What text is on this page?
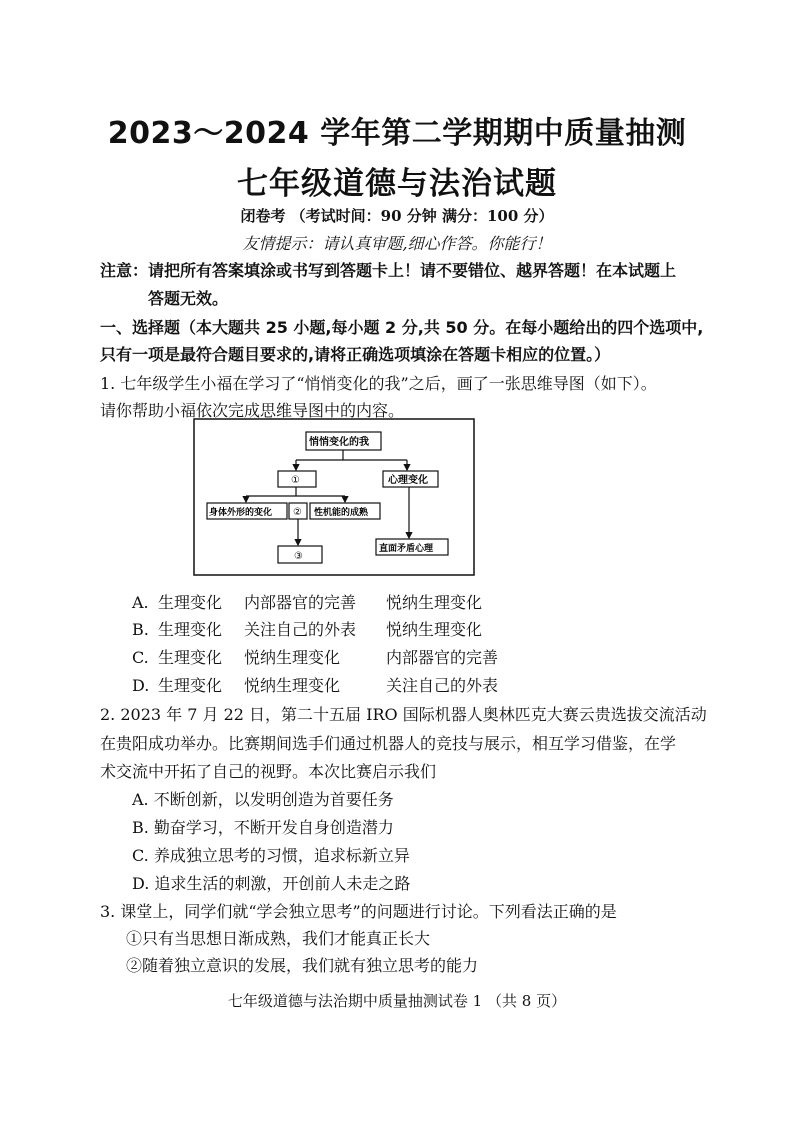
2023～2024 学年第二学期期中质量抽测
七年级道德与法治试题
闭卷考 （考试时间：90 分钟 满分：100 分）
友情提示：请认真审题,细心作答。你能行！
注意：请把所有答案填涂或书写到答题卡上！请不要错位、越界答题！在本试题上
答题无效。
一、选择题（本大题共 25 小题,每小题 2 分,共 50 分。在每小题给出的四个选项中,
只有一项是最符合题目要求的,请将正确选项填涂在答题卡相应的位置。）
1. 七年级学生小福在学习了“悄悄变化的我”之后，画了一张思维导图（如下）。
请你帮助小福依次完成思维导图中的内容。
悄悄变化的我
①	心理变化
身体外形的变化 ② 性机能的成熟
③
直面矛盾心理
A. 生理变化 内部器官的完善 悦纳生理变化
B. 生理变化 关注自己的外表 悦纳生理变化
C. 生理变化 悦纳生理变化	内部器官的完善
D. 生理变化 悦纳生理变化	关注自己的外表
2. 2023 年 7 月 22 日，第二十五届 IRO 国际机器人奥林匹克大赛云贵选拔交流活动
在贵阳成功举办。比赛期间选手们通过机器人的竞技与展示，相互学习借鉴，在学
术交流中开拓了自己的视野。本次比赛启示我们
A. 不断创新，以发明创造为首要任务
B. 勤奋学习，不断开发自身创造潜力
C. 养成独立思考的习惯，追求标新立异
D. 追求生活的刺激，开创前人未走之路
3. 课堂上，同学们就“学会独立思考”的问题进行讨论。下列看法正确的是
①只有当思想日渐成熟，我们才能真正长大
②随着独立意识的发展，我们就有独立思考的能力
七年级道德与法治期中质量抽测试卷 1 （共 8 页）
